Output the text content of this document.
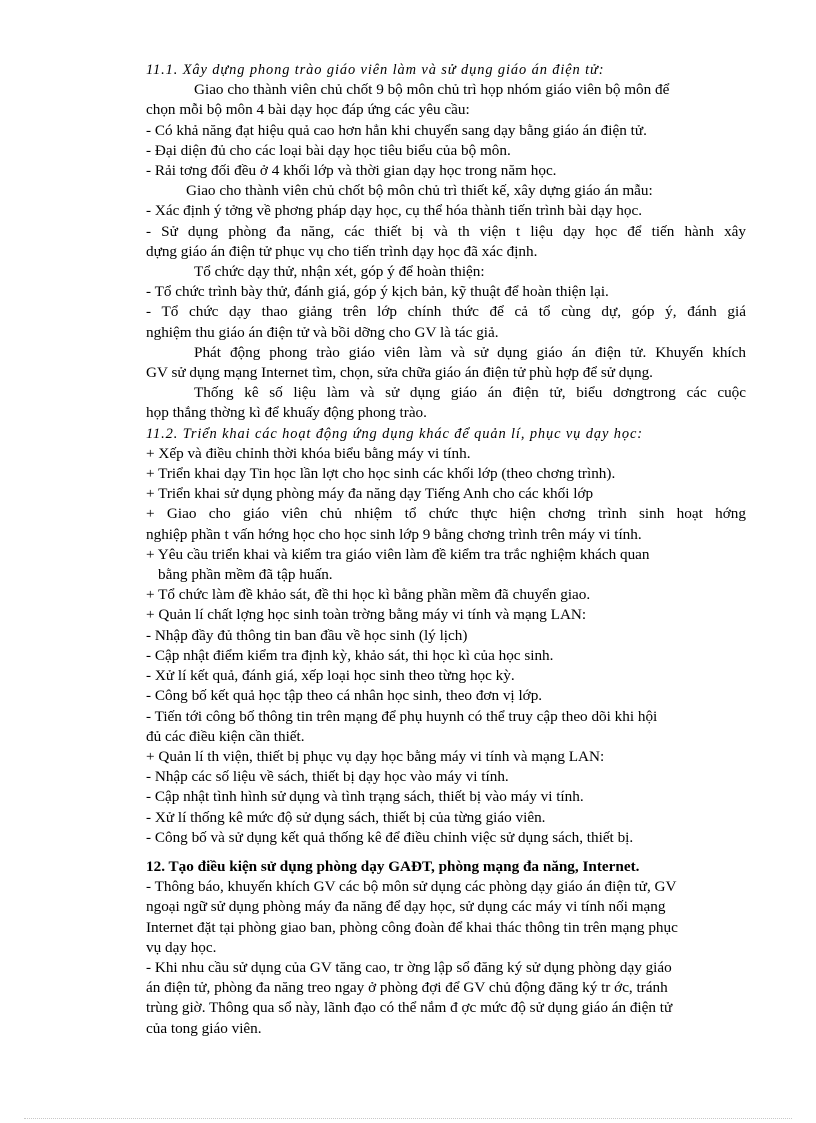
11.1. Xây dựng phong trào giáo viên làm và sử dụng giáo án điện tử:

Giao cho thành viên chủ chốt 9 bộ môn chủ trì họp nhóm giáo viên bộ môn để

chọn mỗi bộ môn 4 bài dạy học đáp ứng các yêu cầu:

- Có khả năng đạt hiệu quả cao hơn hẳn khi chuyển sang dạy bằng giáo án điện tử.

- Đại diện đủ cho các loại bài dạy học tiêu biểu của bộ môn.

- Rải tơng đối đều ở 4 khối lớp và thời gian dạy học trong năm học.

Giao cho thành viên chủ chốt bộ môn chủ trì thiết kế, xây dựng giáo án mẫu:

- Xác định ý tởng về phơng pháp dạy học, cụ thể hóa thành tiến trình bài dạy học.

- Sử dụng phòng đa năng, các thiết bị và th viện t liệu dạy học để tiến hành xây

dựng giáo án điện tử phục vụ cho tiến trình dạy học đã xác định.

Tổ chức dạy thử, nhận xét, góp ý để hoàn thiện:

- Tổ chức trình bày thử, đánh giá, góp ý kịch bản, kỹ thuật để hoàn thiện lại.

- Tổ chức dạy thao giảng trên lớp chính thức để cả tổ cùng dự, góp ý, đánh giá

nghiệm thu giáo án điện tử và bồi dỡng cho GV là tác giả.

Phát động phong trào giáo viên làm và sử dụng giáo án điện tử. Khuyến khích

GV sử dụng mạng Internet tìm, chọn, sửa chữa giáo án điện tử phù hợp để sử dụng.

Thống kê số liệu làm và sử dụng giáo án điện tử, biểu dơngtrong các cuộc

họp thắng thờng kì để khuấy động phong trào.

11.2. Triển khai các hoạt động ứng dụng khác để quản lí, phục vụ dạy học:

+ Xếp và điều chỉnh thời khóa biểu bằng máy vi tính.

+ Triển khai dạy Tin học lần lợt cho học sinh các khối lớp (theo chơng trình).

+ Triển khai sử dụng phòng máy đa năng dạy Tiếng Anh cho các khối lớp

+ Giao cho giáo viên chủ nhiệm tổ chức thực hiện chơng trình sinh hoạt hớng

nghiệp phần t vấn hớng học cho học sinh lớp 9 bằng chơng trình trên máy vi tính.

+ Yêu cầu triển khai và kiểm tra giáo viên làm đề kiểm tra trắc nghiệm khách quan

bằng phần mềm đã tập huấn.

+ Tổ chức làm đề khảo sát, đề thi học kì bằng phần mềm đã chuyển giao.

+ Quản lí chất lợng học sinh toàn trờng bằng máy vi tính và mạng LAN:

- Nhập đầy đủ thông tin ban đầu về học sinh (lý lịch)

- Cập nhật điểm kiểm tra định kỳ, khảo sát, thi học kì của học sinh.

- Xử lí kết quả, đánh giá, xếp loại học sinh theo từng học kỳ.

- Công bố kết quả học tập theo cá nhân học sinh, theo đơn vị lớp.

- Tiến tới công bố thông tin trên mạng để phụ huynh có thể truy cập theo dõi khi hội

đủ các điều kiện cần thiết.

+ Quản lí th viện, thiết bị phục vụ dạy học bằng máy vi tính và mạng LAN:

- Nhập các số liệu về sách, thiết bị dạy học vào máy vi tính.

- Cập nhật tình hình sử dụng và tình trạng sách, thiết bị vào máy vi tính.

- Xử lí thống kê mức độ sử dụng sách, thiết bị của từng giáo viên.

- Công bố và sử dụng kết quả thống kê để điều chỉnh việc sử dụng sách, thiết bị.

12. Tạo điều kiện sử dụng phòng dạy GAĐT, phòng mạng đa năng, Internet.

- Thông báo, khuyến khích GV các bộ môn sử dụng các phòng dạy giáo án điện tử, GV

ngoại ngữ sử dụng phòng máy đa năng để dạy học, sử dụng các máy vi tính nối mạng

Internet đặt tại phòng giao ban, phòng công đoàn để khai thác thông tin trên mạng phục

vụ dạy học.

- Khi nhu cầu sử dụng của GV tăng cao, tr ờng lập sổ đăng ký sử dụng phòng dạy giáo

án điện tử, phòng đa năng treo ngay ở phòng đợi để GV chủ động đăng ký tr ớc, tránh

trùng giờ. Thông qua sổ này, lãnh đạo có thể nắm đ ợc mức độ sử dụng giáo án điện tử

của tong giáo viên.
